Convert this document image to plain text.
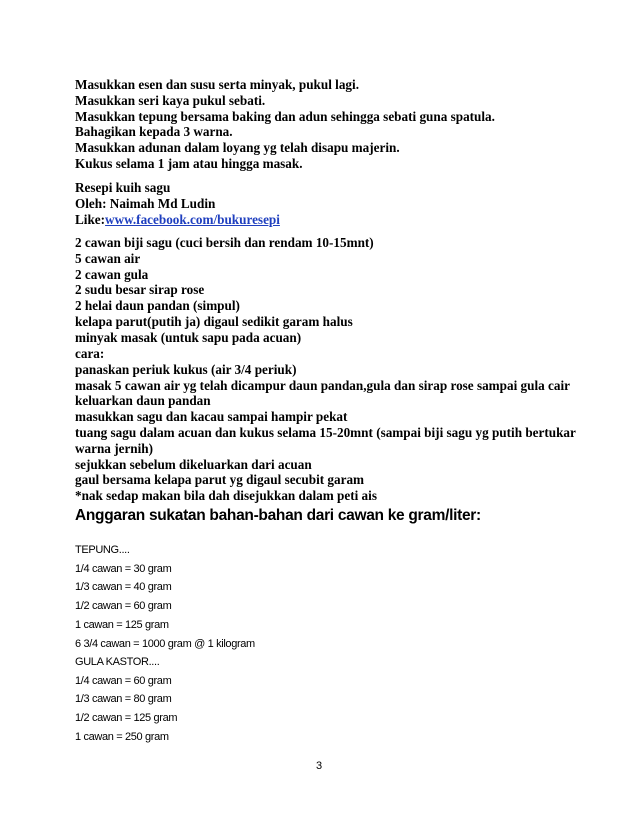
Masukkan esen dan susu serta minyak, pukul lagi.
Masukkan seri kaya pukul sebati.
Masukkan tepung bersama baking dan adun sehingga sebati guna spatula.
Bahagikan kepada 3 warna.
Masukkan adunan dalam loyang yg telah disapu majerin.
Kukus selama 1 jam atau hingga masak.
Resepi kuih sagu
Oleh: Naimah Md Ludin
Like:www.facebook.com/bukuresepi
2 cawan biji sagu (cuci bersih dan rendam 10-15mnt)
5 cawan air
2 cawan gula
2 sudu besar sirap rose
2 helai daun pandan (simpul)
kelapa parut(putih ja) digaul sedikit garam halus
minyak masak (untuk sapu pada acuan)
cara:
panaskan periuk kukus (air 3/4 periuk)
masak 5 cawan air yg telah dicampur daun pandan,gula dan sirap rose sampai gula cair
keluarkan daun pandan
masukkan sagu dan kacau sampai hampir pekat
tuang sagu dalam acuan dan kukus selama 15-20mnt (sampai biji sagu yg putih bertukar
warna jernih)
sejukkan sebelum dikeluarkan dari acuan
gaul bersama kelapa parut yg digaul secubit garam
*nak sedap makan bila dah disejukkan dalam peti ais
Anggaran sukatan bahan-bahan dari cawan ke gram/liter:
TEPUNG....
1/4 cawan = 30 gram
1/3 cawan = 40 gram
1/2 cawan = 60 gram
1 cawan = 125 gram
6 3/4 cawan = 1000 gram @ 1 kilogram
GULA KASTOR....
1/4 cawan = 60 gram
1/3 cawan = 80 gram
1/2 cawan = 125 gram
1 cawan = 250 gram
3
